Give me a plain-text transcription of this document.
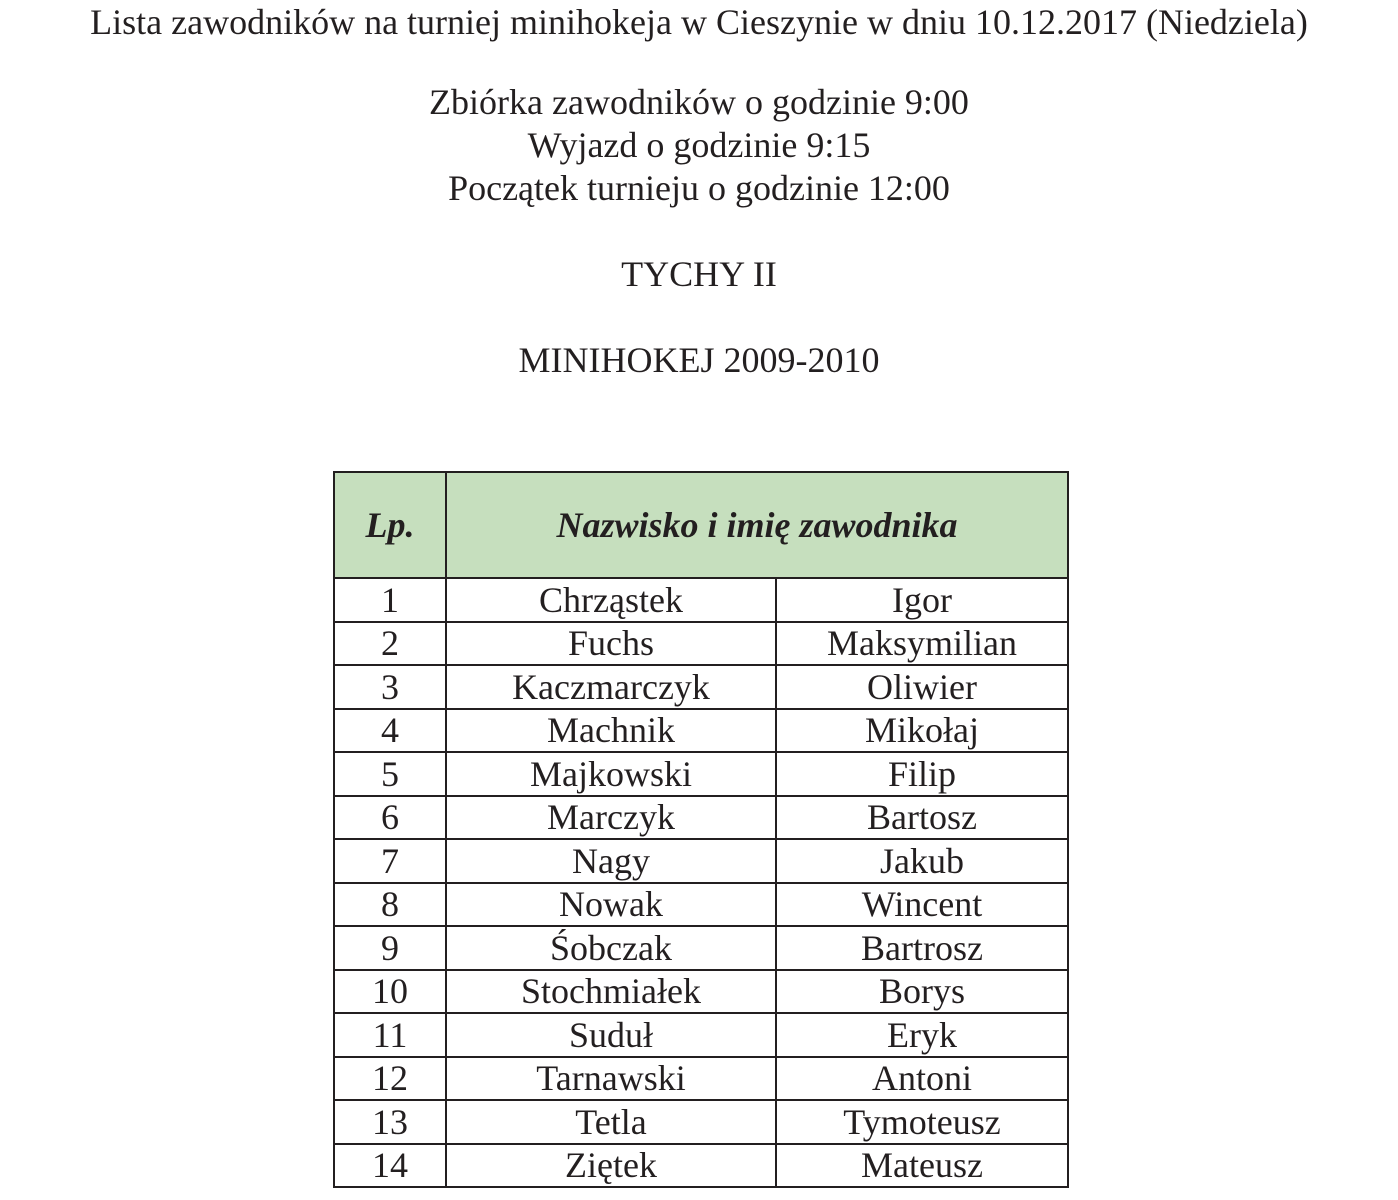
Lista zawodników na turniej minihokeja w Cieszynie w dniu 10.12.2017 (Niedziela)
Zbiórka zawodników o godzinie 9:00
Wyjazd o godzinie 9:15
Początek turnieju o godzinie 12:00
TYCHY II
MINIHOKEJ 2009-2010
Lp.	Nazwisko i imię zawodnika	
1	Chrząstek	Igor
2	Fuchs	Maksymilian
3	Kaczmarczyk	Oliwier
4	Machnik	Mikołaj
5	Majkowski	Filip
6	Marczyk	Bartosz
7	Nagy	Jakub
8	Nowak	Wincent
9	Śobczak	Bartrosz
10	Stochmiałek	Borys
11	Suduł	Eryk
12	Tarnawski	Antoni
13	Tetla	Tymoteusz
14	Ziętek	Mateusz
